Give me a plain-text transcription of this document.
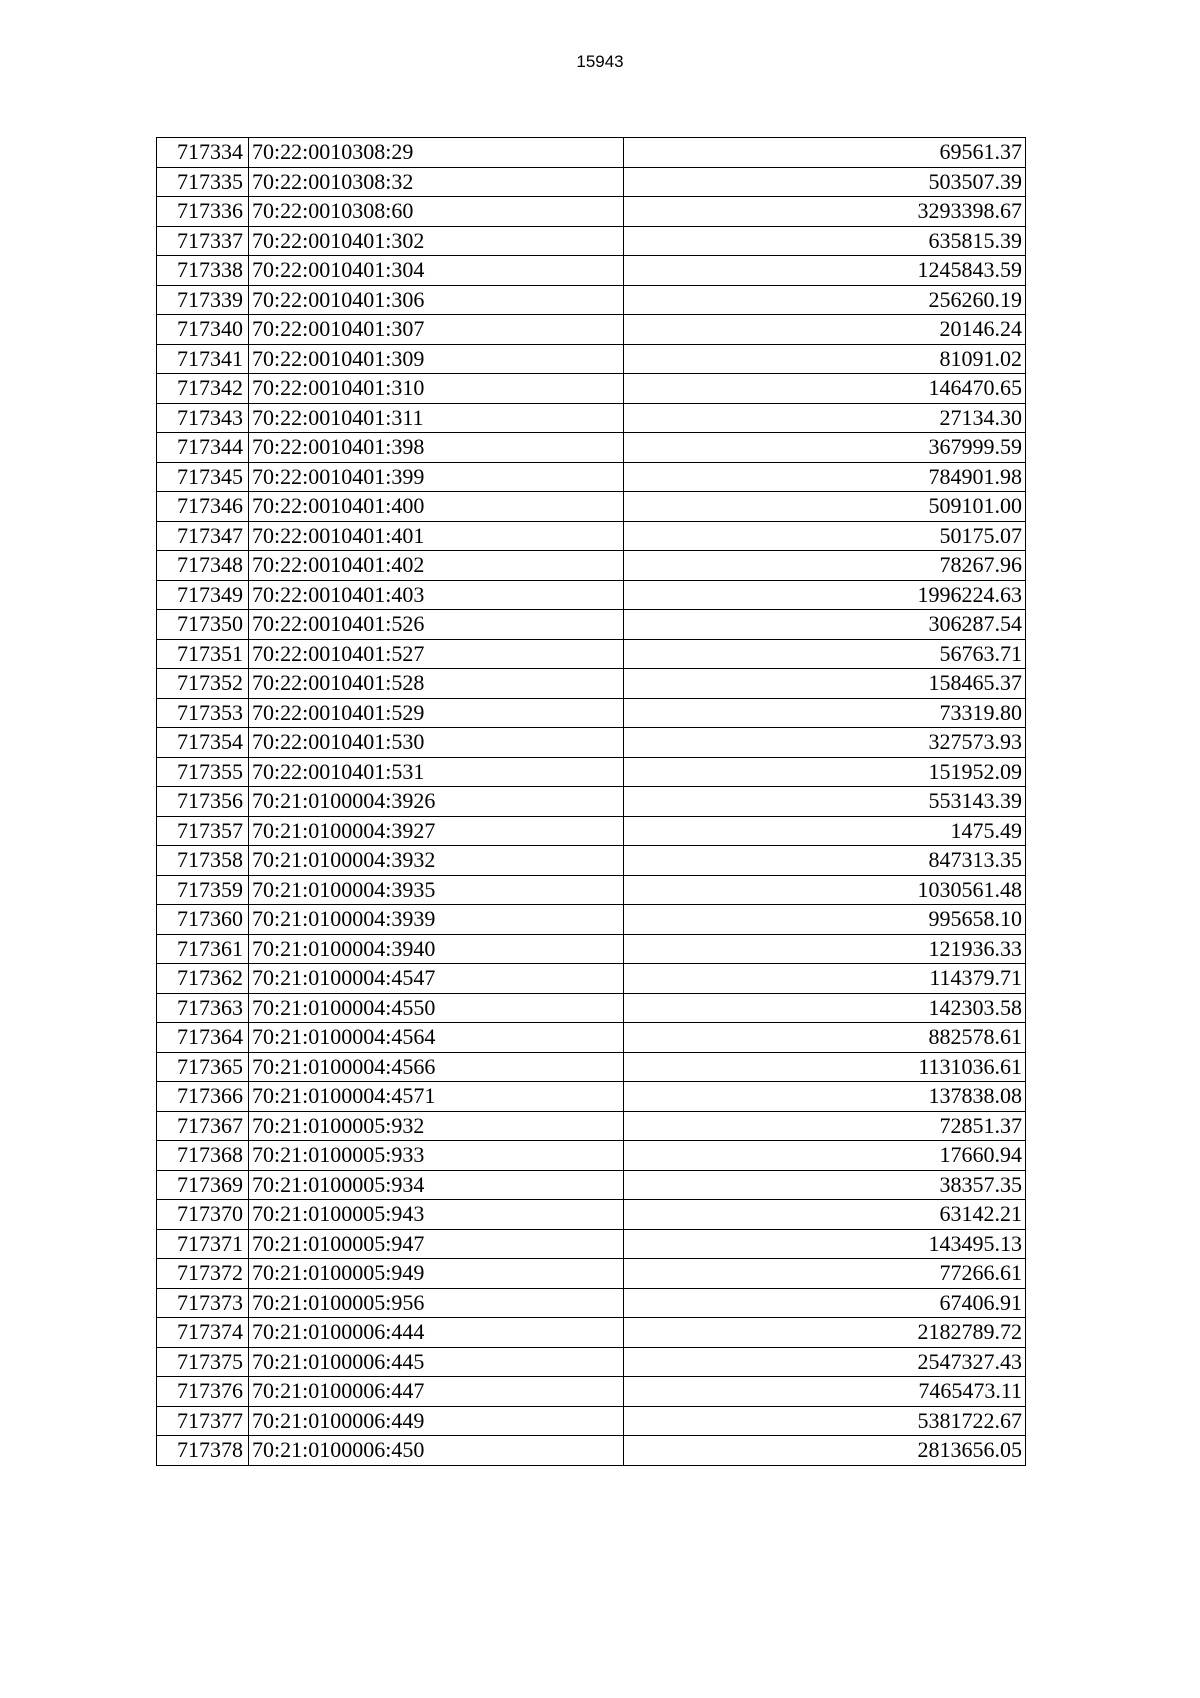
15943
717334	70:22:0010308:29	69561.37
717335	70:22:0010308:32	503507.39
717336	70:22:0010308:60	3293398.67
717337	70:22:0010401:302	635815.39
717338	70:22:0010401:304	1245843.59
717339	70:22:0010401:306	256260.19
717340	70:22:0010401:307	20146.24
717341	70:22:0010401:309	81091.02
717342	70:22:0010401:310	146470.65
717343	70:22:0010401:311	27134.30
717344	70:22:0010401:398	367999.59
717345	70:22:0010401:399	784901.98
717346	70:22:0010401:400	509101.00
717347	70:22:0010401:401	50175.07
717348	70:22:0010401:402	78267.96
717349	70:22:0010401:403	1996224.63
717350	70:22:0010401:526	306287.54
717351	70:22:0010401:527	56763.71
717352	70:22:0010401:528	158465.37
717353	70:22:0010401:529	73319.80
717354	70:22:0010401:530	327573.93
717355	70:22:0010401:531	151952.09
717356	70:21:0100004:3926	553143.39
717357	70:21:0100004:3927	1475.49
717358	70:21:0100004:3932	847313.35
717359	70:21:0100004:3935	1030561.48
717360	70:21:0100004:3939	995658.10
717361	70:21:0100004:3940	121936.33
717362	70:21:0100004:4547	114379.71
717363	70:21:0100004:4550	142303.58
717364	70:21:0100004:4564	882578.61
717365	70:21:0100004:4566	1131036.61
717366	70:21:0100004:4571	137838.08
717367	70:21:0100005:932	72851.37
717368	70:21:0100005:933	17660.94
717369	70:21:0100005:934	38357.35
717370	70:21:0100005:943	63142.21
717371	70:21:0100005:947	143495.13
717372	70:21:0100005:949	77266.61
717373	70:21:0100005:956	67406.91
717374	70:21:0100006:444	2182789.72
717375	70:21:0100006:445	2547327.43
717376	70:21:0100006:447	7465473.11
717377	70:21:0100006:449	5381722.67
717378	70:21:0100006:450	2813656.05
